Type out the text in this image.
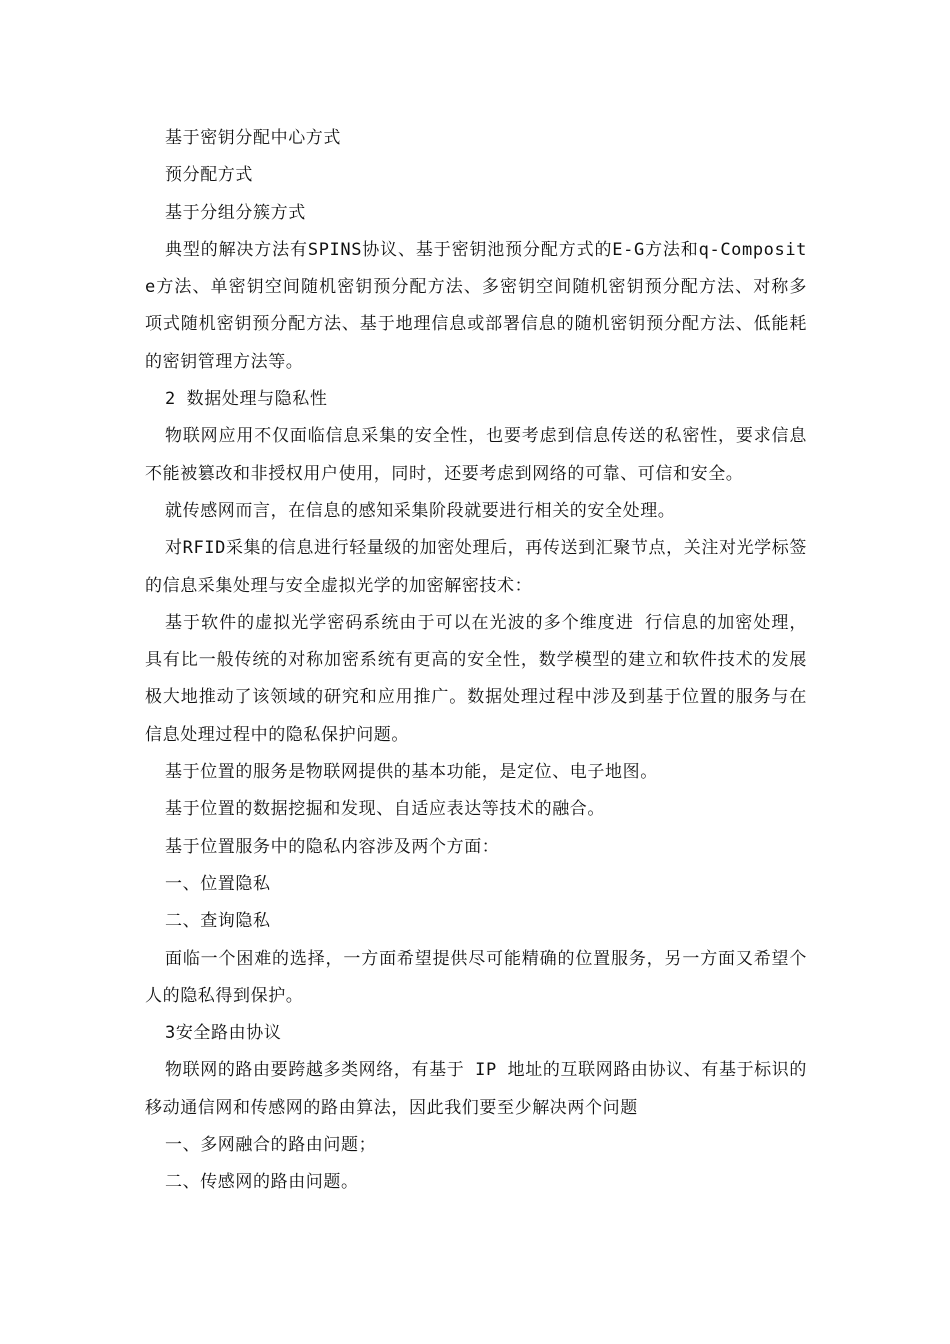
基于密钥分配中心方式

预分配方式

基于分组分簇方式

典型的解决方法有SPINS协议、基于密钥池预分配方式的E-G方法和q-Composite方法、单密钥空间随机密钥预分配方法、多密钥空间随机密钥预分配方法、对称多项式随机密钥预分配方法、基于地理信息或部署信息的随机密钥预分配方法、低能耗的密钥管理方法等。

2 数据处理与隐私性

物联网应用不仅面临信息采集的安全性，也要考虑到信息传送的私密性，要求信息不能被篡改和非授权用户使用，同时，还要考虑到网络的可靠、可信和安全。

就传感网而言，在信息的感知采集阶段就要进行相关的安全处理。

对RFID采集的信息进行轻量级的加密处理后，再传送到汇聚节点，关注对光学标签的信息采集处理与安全虚拟光学的加密解密技术：

基于软件的虚拟光学密码系统由于可以在光波的多个维度进 行信息的加密处理，具有比一般传统的对称加密系统有更高的安全性，数学模型的建立和软件技术的发展极大地推动了该领域的研究和应用推广。数据处理过程中涉及到基于位置的服务与在信息处理过程中的隐私保护问题。

基于位置的服务是物联网提供的基本功能，是定位、电子地图。

基于位置的数据挖掘和发现、自适应表达等技术的融合。

基于位置服务中的隐私内容涉及两个方面：

一、位置隐私

二、查询隐私

面临一个困难的选择，一方面希望提供尽可能精确的位置服务，另一方面又希望个人的隐私得到保护。

3安全路由协议

物联网的路由要跨越多类网络，有基于 IP 地址的互联网路由协议、有基于标识的移动通信网和传感网的路由算法，因此我们要至少解决两个问题

一、多网融合的路由问题；

二、传感网的路由问题。
